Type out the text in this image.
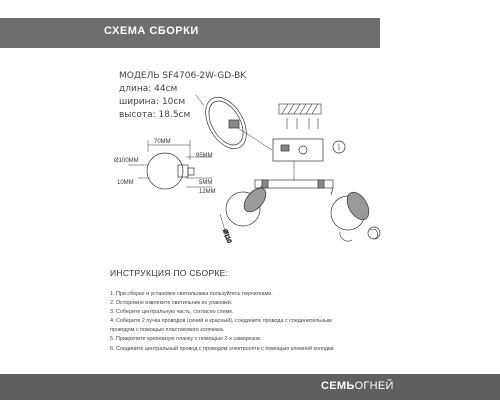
СХЕМА СБОРКИ
МОДЕЛЬ SF4706-2W-GD-BK
длина: 44см
ширина: 10см
высота: 18.5см
70MM
95MM
Ø100MM
10MM	5MM
12MM
Ø110
ИНСТРУКЦИЯ ПО СБОРКЕ:
1. При сборке и установке светильника пользуйтесь перчатками.
2. Осторожно извлеките светильник из упаковки.
3. Соберите центральную часть, согласно схеме.
4. Соберите 2 пучка проводов (синий и красный), соедините провода с соединительным
проводом с помощью пластикового колпачка.
5. Прикрепите крепежную планку с помощью 2-х саморезов.
6. Соедините центральный провод с проводом электросети с помощью клемной колодки.
СЕМЬОГНЕЙ
